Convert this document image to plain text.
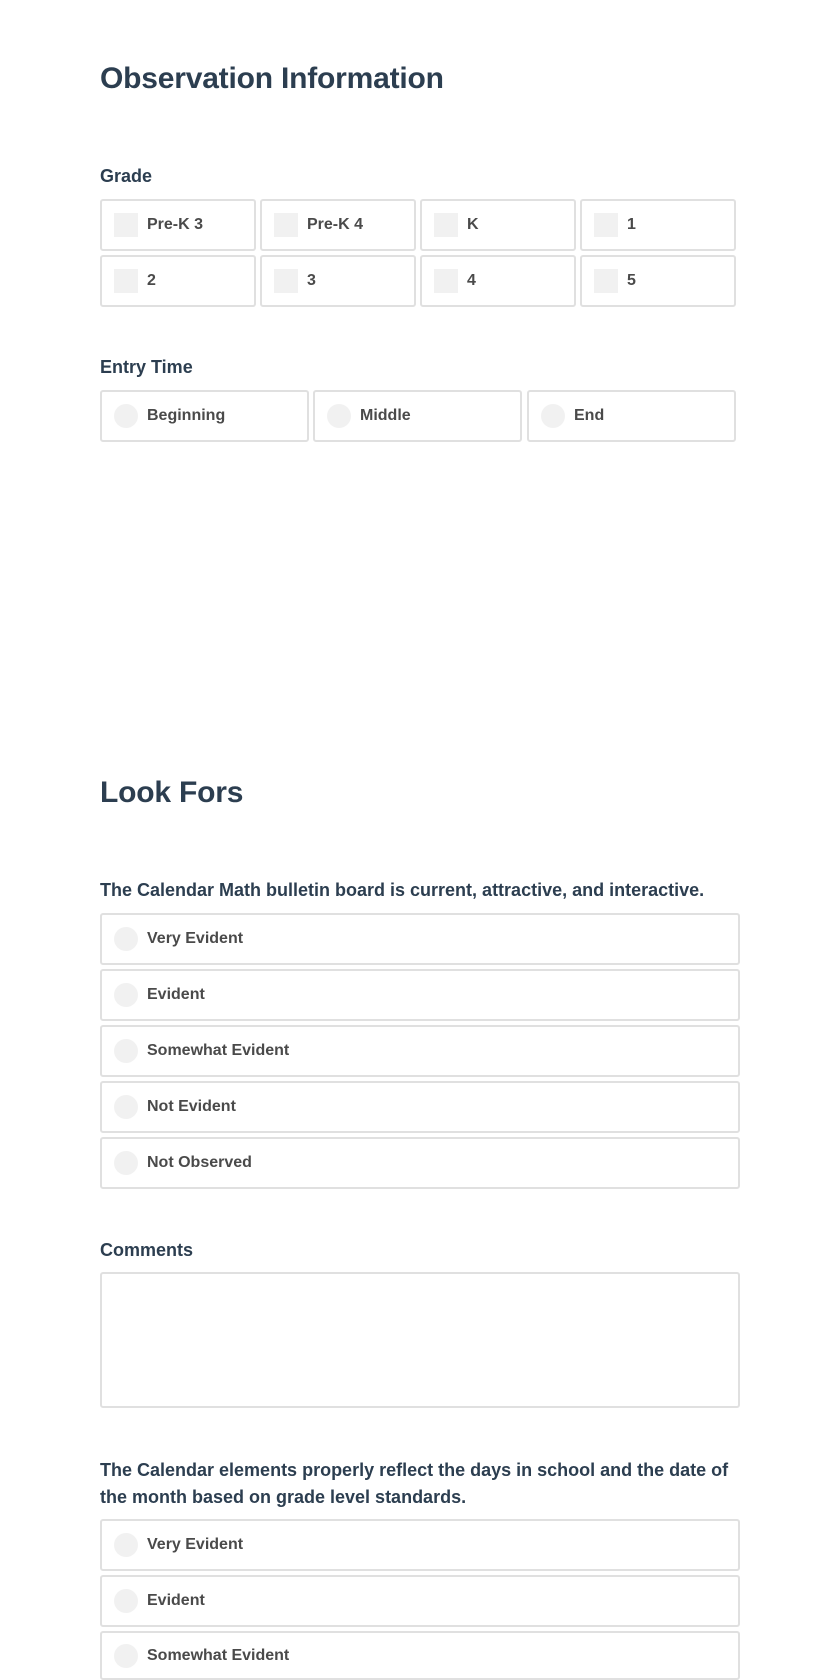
Observation Information
Grade
Pre-K 3	Pre-K 4	K	1
2	3	4	5
Entry Time
Beginning	Middle	End
Look Fors
The Calendar Math bulletin board is current, attractive, and interactive.
Very Evident
Evident
Somewhat Evident
Not Evident
Not Observed
Comments
The Calendar elements properly reflect the days in school and the date of the month based on grade level standards.
Very Evident
Evident
Somewhat Evident
